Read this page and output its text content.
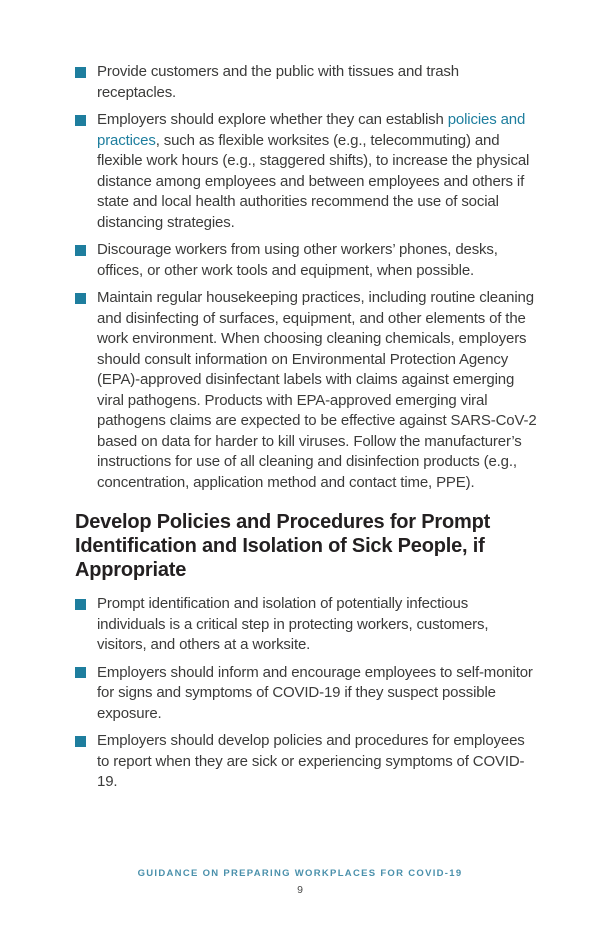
Provide customers and the public with tissues and trash receptacles.
Employers should explore whether they can establish policies and practices, such as flexible worksites (e.g., telecommuting) and flexible work hours (e.g., staggered shifts), to increase the physical distance among employees and between employees and others if state and local health authorities recommend the use of social distancing strategies.
Discourage workers from using other workers’ phones, desks, offices, or other work tools and equipment, when possible.
Maintain regular housekeeping practices, including routine cleaning and disinfecting of surfaces, equipment, and other elements of the work environment. When choosing cleaning chemicals, employers should consult information on Environmental Protection Agency (EPA)-approved disinfectant labels with claims against emerging viral pathogens. Products with EPA-approved emerging viral pathogens claims are expected to be effective against SARS-CoV-2 based on data for harder to kill viruses. Follow the manufacturer’s instructions for use of all cleaning and disinfection products (e.g., concentration, application method and contact time, PPE).
Develop Policies and Procedures for Prompt Identification and Isolation of Sick People, if Appropriate
Prompt identification and isolation of potentially infectious individuals is a critical step in protecting workers, customers, visitors, and others at a worksite.
Employers should inform and encourage employees to self-monitor for signs and symptoms of COVID-19 if they suspect possible exposure.
Employers should develop policies and procedures for employees to report when they are sick or experiencing symptoms of COVID-19.
GUIDANCE ON PREPARING WORKPLACES FOR COVID-19
9
